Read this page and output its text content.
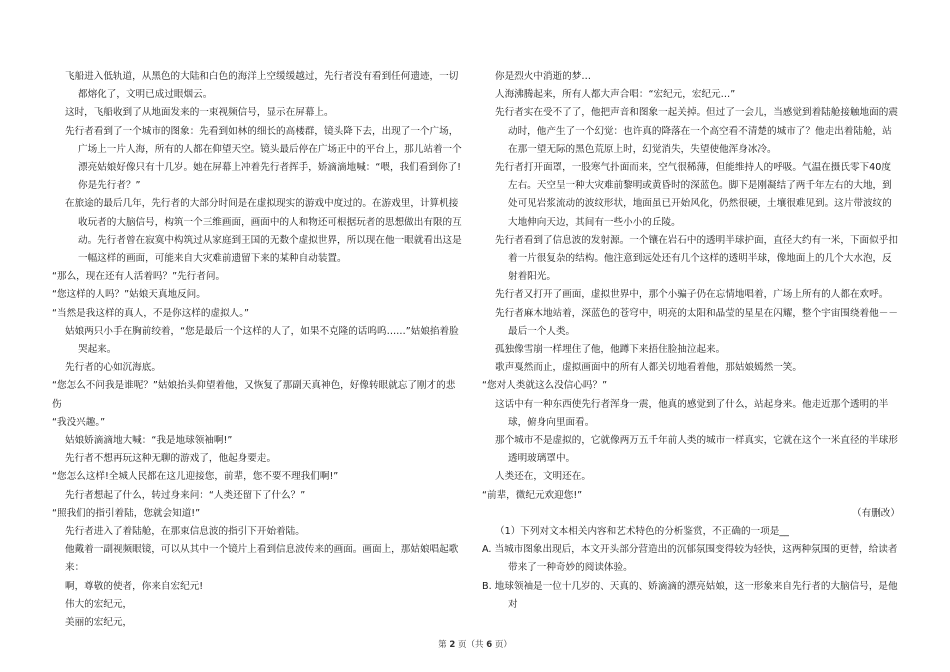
飞船进入低轨道，从黑色的大陆和白色的海洋上空缓缓越过，先行者没有看到任何遗迹，一切都熔化了，文明已成过眼烟云。

这时，飞船收到了从地面发来的一束视频信号，显示在屏幕上。

先行者看到了一个城市的图象：先看到如林的细长的高楼群，镜头降下去，出现了一个广场，广场上一片人海，所有的人都在仰望天空。镜头最后停在广场正中的平台上，那儿站着一个漂亮姑娘好像只有十几岁。她在屏幕上冲着先行者挥手，娇滴滴地喊：“喂，我们看到你了!你是先行者？”

在旅途的最后几年，先行者的大部分时间是在虚拟现实的游戏中度过的。在游戏里，计算机接收玩者的大脑信号，构筑一个三维画面，画面中的人和物还可根据玩者的思想做出有限的互动。先行者曾在寂寞中构筑过从家庭到王国的无数个虚拟世界，所以现在他一眼就看出这是一幅这样的画面，可能来自大灾难前遗留下来的某种自动装置。

“那么，现在还有人活着吗？”先行者问。

“您这样的人吗？”姑娘天真地反问。

“当然是我这样的真人，不是你这样的虚拟人。”

姑娘两只小手在胸前绞着，“您是最后一个这样的人了，如果不克隆的话呜呜……”姑娘掐着脸哭起来。

先行者的心如沉海底。

“您怎么不问我是谁呢？”姑娘抬头仰望着他，又恢复了那副天真神色，好像转眼就忘了刚才的悲伤

“我没兴趣。”

姑娘娇滴滴地大喊：“我是地球领袖啊!”

先行者不想再玩这种无聊的游戏了，他起身要走。

“您怎么这样!全城人民都在这儿迎接您，前辈，您不要不理我们啊!”

先行者想起了什么，转过身来问：“人类还留下了什么？”

“照我们的指引着陆，您就会知道!”

先行者进入了着陆舱，在那束信息波的指引下开始着陆。

他戴着一副视频眼镜，可以从其中一个镜片上看到信息波传来的画面。画面上，那姑娘唱起歌来：

啊，尊敬的使者，你来自宏纪元!

伟大的宏纪元，

美丽的宏纪元，

你是烈火中消逝的梦…

人海沸腾起来，所有人都大声合唱：“宏纪元，宏纪元…”

先行者实在受不了了，他把声音和图象一起关掉。但过了一会儿，当感觉到着陆舱接触地面的震动时，他产生了一个幻觉：也许真的降落在一个高空看不清楚的城市了？他走出着陆舱，站在那一望无际的黑色荒原上时，幻觉消失，失望使他浑身冰冷。

先行者打开面罩，一股寒气扑面而来，空气很稀薄，但能维持人的呼吸。气温在摄氏零下40度左右。天空呈一种大灾难前黎明或黄昏时的深蓝色。脚下是刚凝结了两千年左右的大地，到处可见岩浆流动的波纹形状，地面虽已开始风化，仍然很硬，土壤很难见到。这片带波纹的大地伸向天边，其间有一些小小的丘陵。

先行者看到了信息波的发射源。一个镶在岩石中的透明半球护面，直径大约有一米，下面似乎扣着一片很复杂的结构。他注意到远处还有几个这样的透明半球，像地面上的几个大水泡，反射着阳光。

先行者又打开了画面，虚拟世界中，那个小骗子仍在忘情地唱着，广场上所有的人都在欢呼。

先行者麻木地站着，深蓝色的苍穹中，明亮的太阳和晶莹的星星在闪耀，整个宇宙围绕着他－－最后一个人类。

孤独像雪崩一样埋住了他，他蹲下来捂住脸抽泣起来。

歌声戛然而止，虚拟画面中的所有人都关切地看着他，那姑娘嫣然一笑。

“您对人类就这么没信心吗？”

这话中有一种东西使先行者浑身一震，他真的感觉到了什么，站起身来。他走近那个透明的半球，俯身向里面看。

那个城市不是虚拟的，它就像两万五千年前人类的城市一样真实，它就在这个一米直径的半球形透明玻璃罩中。

人类还在，文明还在。

“前辈，微纪元欢迎您!”

（有删改）

（1）下列对文本相关内容和艺术特色的分析鉴赏，不正确的一项是__

A. 当城市图象出现后，本文开头部分营造出的沉郁氛围变得较为轻快，这两种氛围的更替，给读者带来了一种奇妙的阅读体验。

B. 地球领袖是一位十几岁的、天真的、娇滴滴的漂亮姑娘，这一形象来自先行者的大脑信号，是他对

第 2 页（共 6 页）
